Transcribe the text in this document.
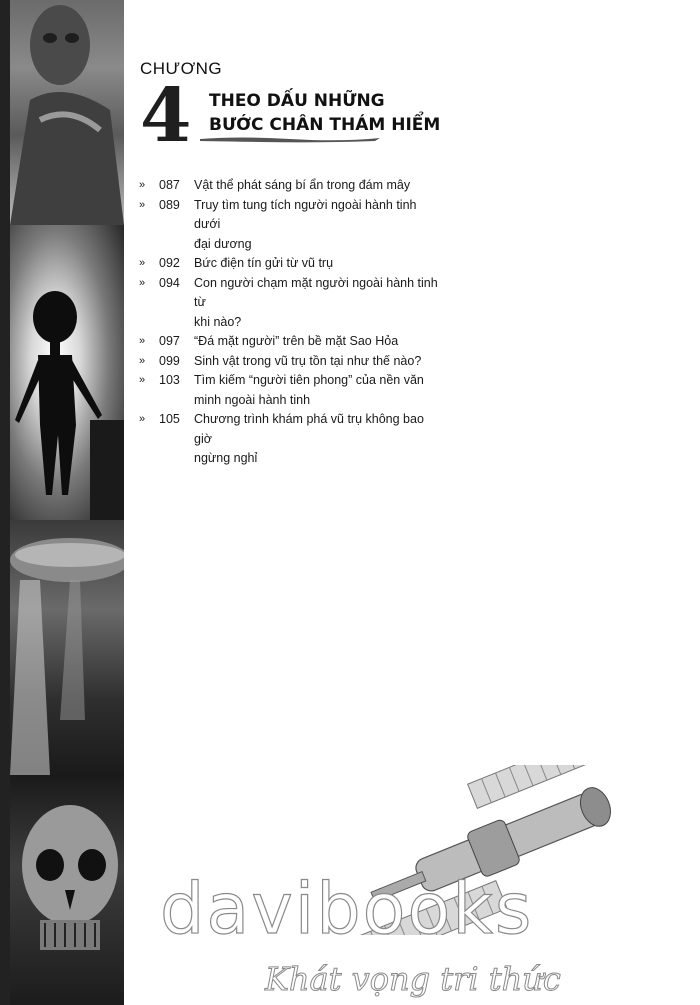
CHƯƠNG
4 THEO DẤU NHỮNG
BƯỚC CHÂN THÁM HIỂM
»	087	Vật thể phát sáng bí ẩn trong đám mây
»	089	Truy tìm tung tích người ngoài hành tinh dưới
đại dương
»	092	Bức điện tín gửi từ vũ trụ
»	094	Con người chạm mặt người ngoài hành tinh từ
khi nào?
»	097	“Đá mặt người” trên bề mặt Sao Hỏa
»	099	Sinh vật trong vũ trụ tồn tại như thế nào?
»	103	Tìm kiếm “người tiên phong” của nền văn
minh ngoài hành tinh
»	105	Chương trình khám phá vũ trụ không bao giờ
ngừng nghỉ
davibooks
Khát vọng tri thức
